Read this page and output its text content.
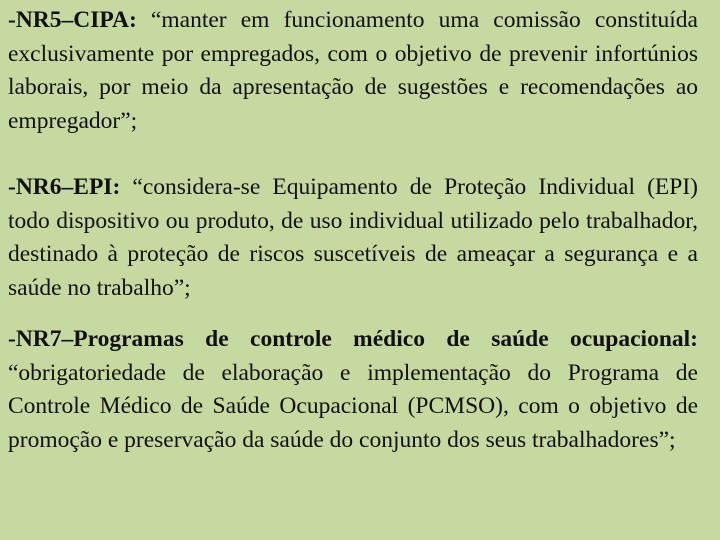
-NR5–CIPA: “manter em funcionamento uma comissão constituída exclusivamente por empregados, com o objetivo de prevenir infortúnios laborais, por meio da apresentação de sugestões e recomendações ao empregador”;

-NR6–EPI: “considera-se Equipamento de Proteção Individual (EPI) todo dispositivo ou produto, de uso individual utilizado pelo trabalhador, destinado à proteção de riscos suscetíveis de ameaçar a segurança e a saúde no trabalho”;

-NR7–Programas de controle médico de saúde ocupacional: “obrigatoriedade de elaboração e implementação do Programa de Controle Médico de Saúde Ocupacional (PCMSO), com o objetivo de promoção e preservação da saúde do conjunto dos seus trabalhadores”;
